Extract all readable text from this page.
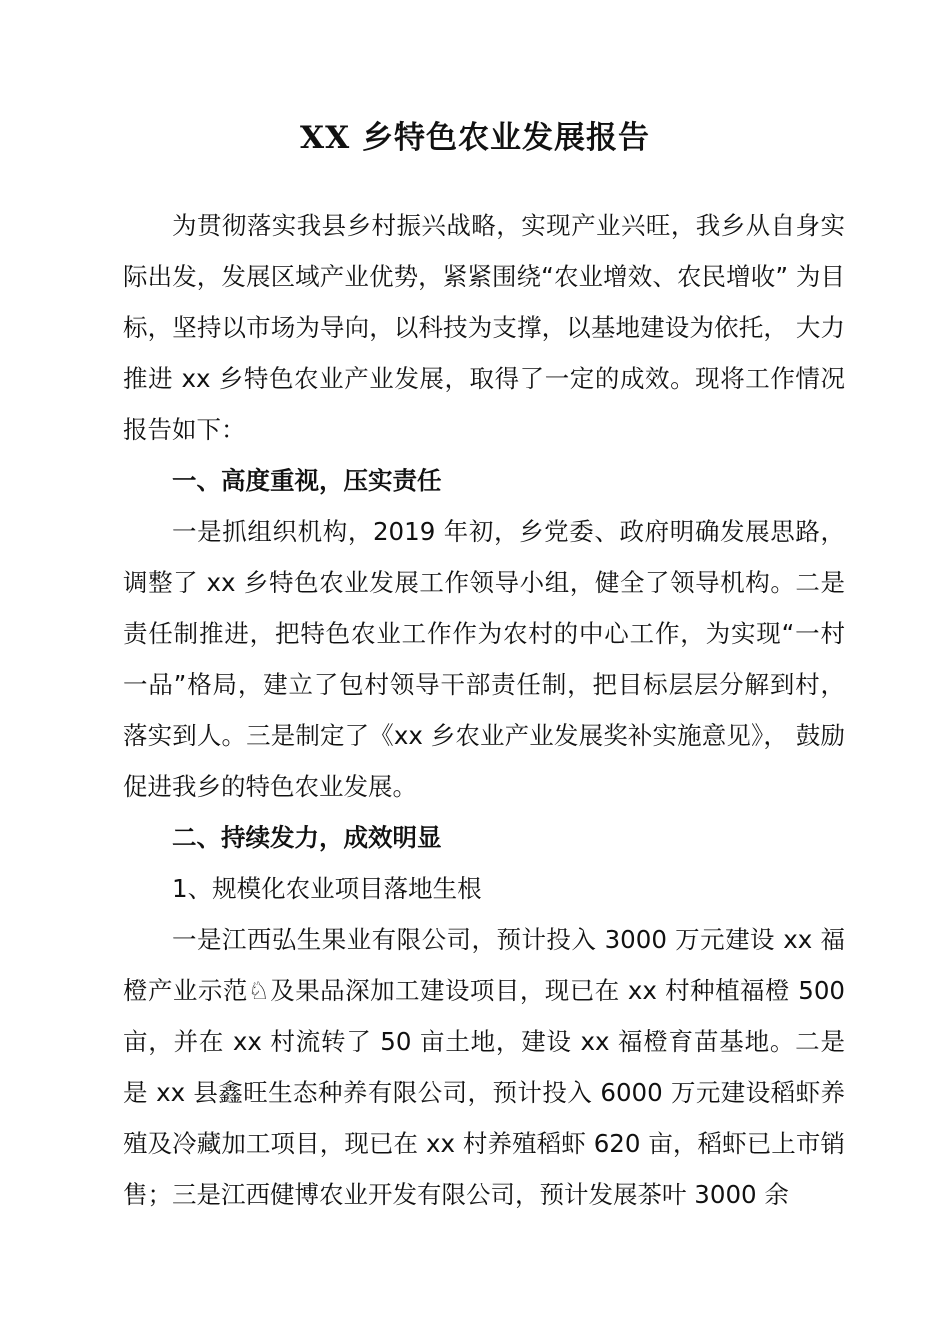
XX 乡特色农业发展报告

为贯彻落实我县乡村振兴战略，实现产业兴旺，我乡从自身实际出发，发展区域产业优势，紧紧围绕“农业增效、农民增收” 为目标，坚持以市场为导向，以科技为支撑，以基地建设为依托， 大力推进 xx 乡特色农业产业发展，取得了一定的成效。现将工作情况报告如下：

一、高度重视，压实责任

一是抓组织机构，2019 年初，乡党委、政府明确发展思路， 调整了 xx 乡特色农业发展工作领导小组，健全了领导机构。二是责任制推进，把特色农业工作作为农村的中心工作，为实现“一村一品”格局，建立了包村领导干部责任制，把目标层层分解到村，落实到人。三是制定了《xx 乡农业产业发展奖补实施意见》， 鼓励促进我乡的特色农业发展。

二、持续发力，成效明显

1、规模化农业项目落地生根

一是江西弘生果业有限公司，预计投入 3000 万元建设 xx 福橙产业示范♘及果品深加工建设项目，现已在 xx 村种植福橙 500 亩，并在 xx 村流转了 50 亩土地，建设 xx 福橙育苗基地。二是是 xx 县鑫旺生态种养有限公司，预计投入 6000 万元建设稻虾养殖及冷藏加工项目，现已在 xx 村养殖稻虾 620 亩，稻虾已上市销售；三是江西健博农业开发有限公司，预计发展茶叶 3000 余
